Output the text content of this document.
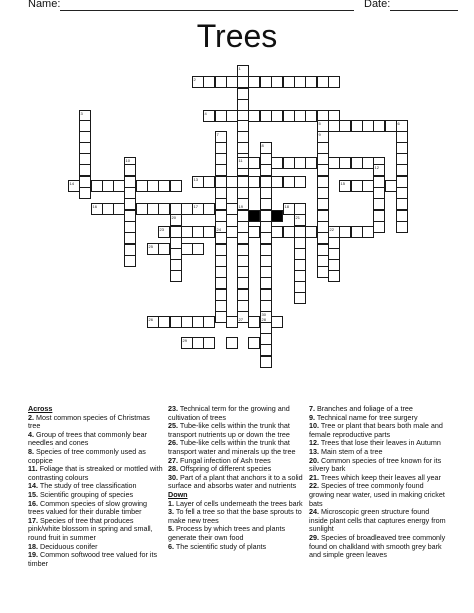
Name:	Date:
Trees
1
2
3	4
5	6
7
8
9
10	11
12
13
14	15
16	17	18
19
20	21
22
23	24
25
26	27	28
29
30
Across
2. Most common species of Christmas tree
4. Group of trees that commonly bear needles and cones
8. Species of tree commonly used as coppice
11. Foliage that is streaked or mottled with contrasting colours
14. The study of tree classification
15. Scientific grouping of species
16. Common species of slow growing trees valued for their durable timber
17. Species of tree that produces pink/white blossom in spring and small, round fruit in summer
18. Deciduous conifer
19. Common softwood tree valued for its timber
23. Technical term for the growing and cultivation of trees
25. Tube-like cells within the trunk that transport nutrients up or down the tree
26. Tube-like cells within the trunk that transport water and minerals up the tree
27. Fungal infection of Ash trees
28. Offspring of different species
30. Part of a plant that anchors it to a solid surface and absorbs water and nutrients
Down
1. Layer of cells underneath the trees bark
3. To fell a tree so that the base sprouts to make new trees
5. Process by which trees and plants generate their own food
6. The scientific study of plants
7. Branches and foliage of a tree
9. Technical name for tree surgery
10. Tree or plant that bears both male and female reproductive parts
12. Trees that lose their leaves in Autumn
13. Main stem of a tree
20. Common species of tree known for its silvery bark
21. Trees which keep their leaves all year
22. Species of tree commonly found growing near water, used in making cricket bats
24. Microscopic green structure found inside plant cells that captures energy from sunlight
29. Species of broadleaved tree commonly found on chalkland with smooth grey bark and simple green leaves
